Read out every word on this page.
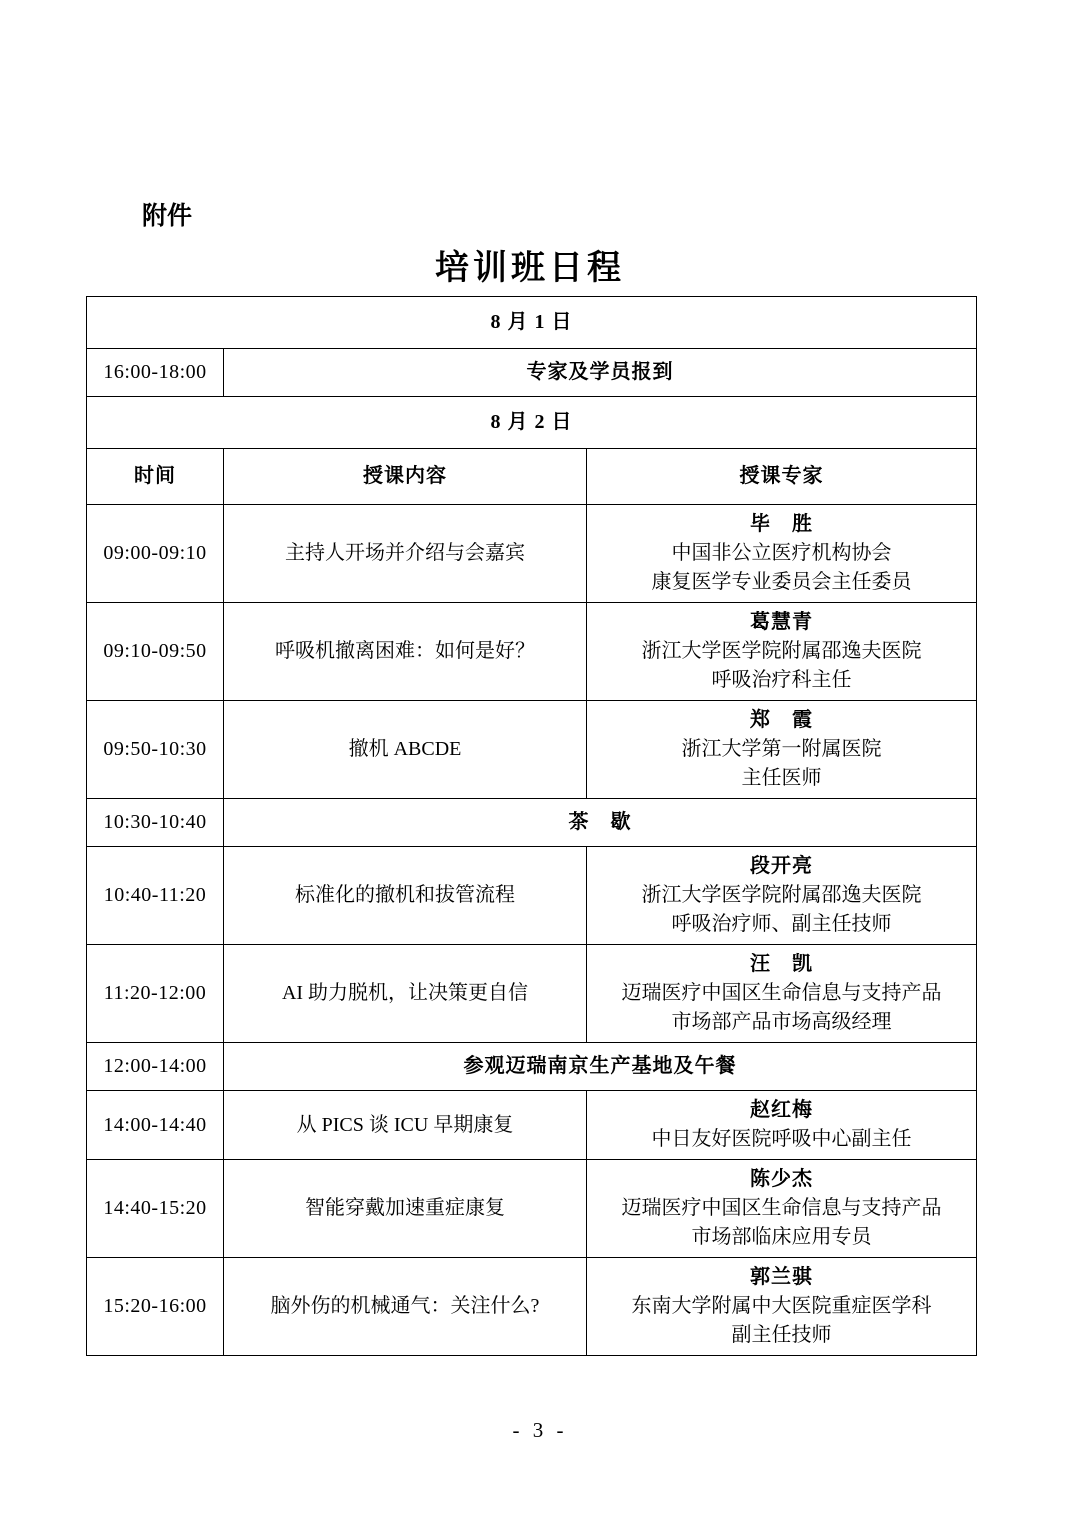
附件
培训班日程
8 月 1 日		
16:00-18:00	专家及学员报到	
8 月 2 日		
时间	授课内容	授课专家
09:00-09:10	主持人开场并介绍与会嘉宾	毕　胜
中国非公立医疗机构协会
康复医学专业委员会主任委员

09:10-09:50	呼吸机撤离困难：如何是好？	葛慧青
浙江大学医学院附属邵逸夫医院
呼吸治疗科主任

09:50-10:30	撤机 ABCDE	郑　霞
浙江大学第一附属医院
主任医师

10:30-10:40	茶　歇	
10:40-11:20	标准化的撤机和拔管流程	段开亮
浙江大学医学院附属邵逸夫医院
呼吸治疗师、副主任技师

11:20-12:00	AI 助力脱机，让决策更自信	汪　凯
迈瑞医疗中国区生命信息与支持产品
市场部产品市场高级经理

12:00-14:00	参观迈瑞南京生产基地及午餐	
14:00-14:40	从 PICS 谈 ICU 早期康复	赵红梅
中日友好医院呼吸中心副主任

14:40-15:20	智能穿戴加速重症康复	陈少杰
迈瑞医疗中国区生命信息与支持产品
市场部临床应用专员

15:20-16:00	脑外伤的机械通气：关注什么?	郭兰骐
东南大学附属中大医院重症医学科
副主任技师
- 3 -
